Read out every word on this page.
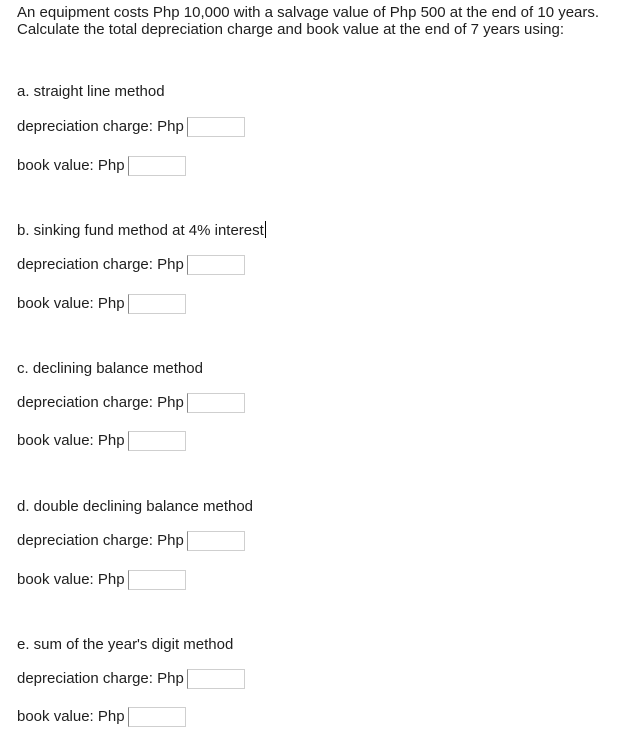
An equipment costs Php 10,000 with a salvage value of Php 500 at the end of 10 years.
Calculate the total depreciation charge and book value at the end of 7 years using:

a. straight line method
depreciation charge: Php
book value: Php
b. sinking fund method at 4% interest
depreciation charge: Php
book value: Php
c. declining balance method
depreciation charge: Php
book value: Php
d. double declining balance method
depreciation charge: Php
book value: Php
e. sum of the year's digit method
depreciation charge: Php
book value: Php
